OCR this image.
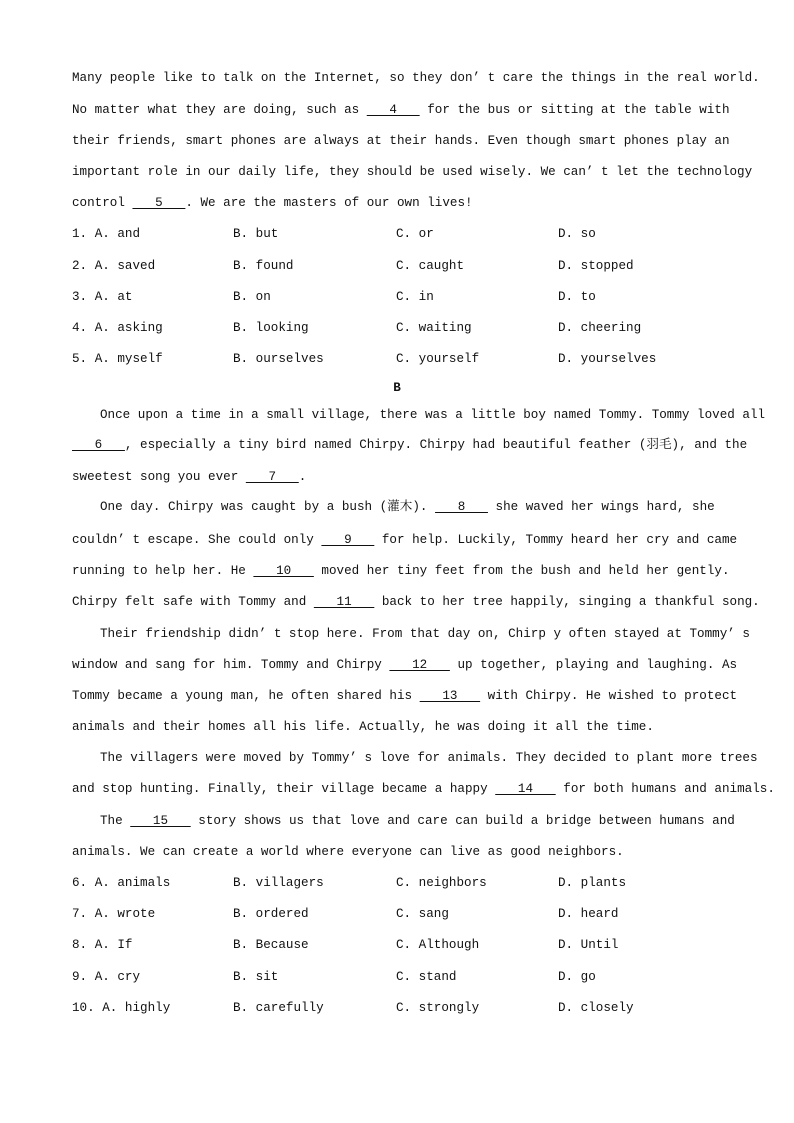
Many people like to talk on the Internet, so they don’ t care the things in the real world.
No matter what they are doing, such as    4    for the bus or sitting at the table with
their friends, smart phones are always at their hands. Even though smart phones play an
important role in our daily life, they should be used wisely. We can’ t let the technology
control    5   . We are the masters of our own lives!
1. A. and	B. but	C. or	D. so
2. A. saved	B. found	C. caught	D. stopped
3. A. at	B. on	C. in	D. to
4. A. asking	B. looking	C. waiting	D. cheering
5. A. myself	B. ourselves	C. yourself	D. yourselves
B
Once upon a time in a small village, there was a little boy named Tommy. Tommy loved all
6   , especially a tiny bird named Chirpy. Chirpy had beautiful feather (羽毛), and the
sweetest song you ever    7   .
One day. Chirpy was caught by a bush (灌木).    8    she waved her wings hard, she
couldn’ t escape. She could only    9    for help. Luckily, Tommy heard her cry and came
running to help her. He    10    moved her tiny feet from the bush and held her gently.
Chirpy felt safe with Tommy and    11    back to her tree happily, singing a thankful song.
Their friendship didn’ t stop here. From that day on, Chirp y often stayed at Tommy’ s
window and sang for him. Tommy and Chirpy    12    up together, playing and laughing. As
Tommy became a young man, he often shared his    13    with Chirpy. He wished to protect
animals and their homes all his life. Actually, he was doing it all the time.
The villagers were moved by Tommy’ s love for animals. They decided to plant more trees
and stop hunting. Finally, their village became a happy    14    for both humans and animals.
The    15    story shows us that love and care can build a bridge between humans and
animals. We can create a world where everyone can live as good neighbors.
6. A. animals	B. villagers	C. neighbors	D. plants
7. A. wrote	B. ordered	C. sang	D. heard
8. A. If	B. Because	C. Although	D. Until
9. A. cry	B. sit	C. stand	D. go
10. A. highly	B. carefully	C. strongly	D. closely
